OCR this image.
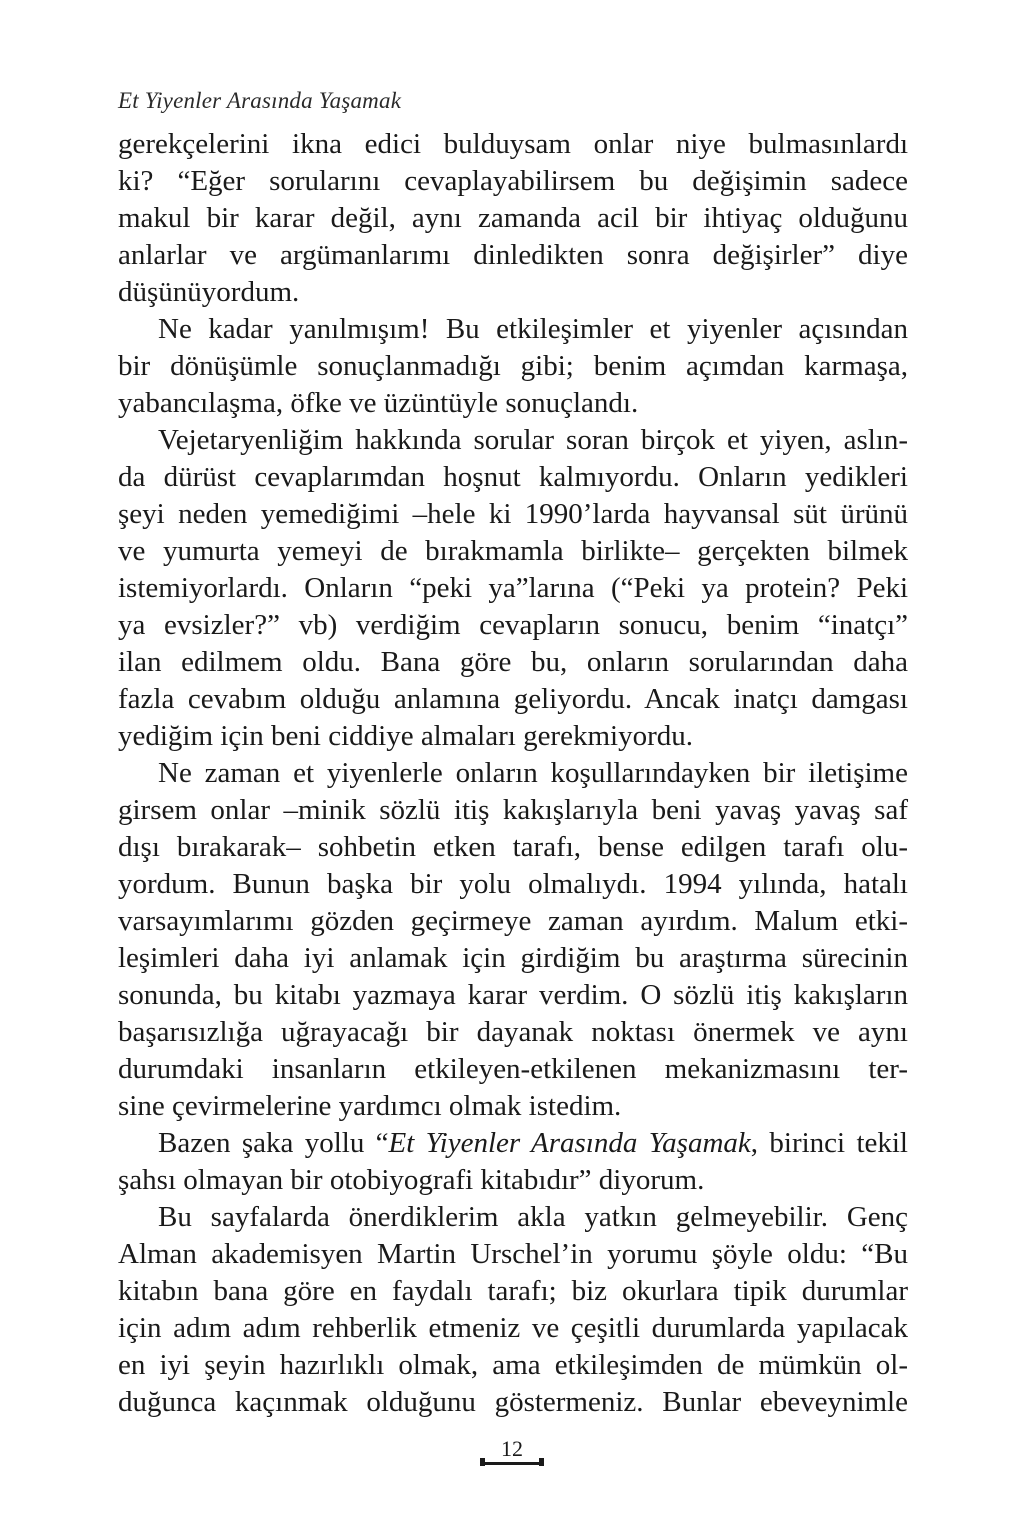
Et Yiyenler Arasında Yaşamak
gerekçelerini ikna edici bulduysam onlar niye bulmasınlardı
ki? “Eğer sorularını cevaplayabilirsem bu değişimin sadece
makul bir karar değil, aynı zamanda acil bir ihtiyaç olduğunu
anlarlar ve argümanlarımı dinledikten sonra değişirler” diye
düşünüyordum.
Ne kadar yanılmışım! Bu etkileşimler et yiyenler açısından
bir dönüşümle sonuçlanmadığı gibi; benim açımdan karmaşa,
yabancılaşma, öfke ve üzüntüyle sonuçlandı.
Vejetaryenliğim hakkında sorular soran birçok et yiyen, aslın-
da dürüst cevaplarımdan hoşnut kalmıyordu. Onların yedikleri
şeyi neden yemediğimi –hele ki 1990’larda hayvansal süt ürünü
ve yumurta yemeyi de bırakmamla birlikte– gerçekten bilmek
istemiyorlardı. Onların “peki ya”larına (“Peki ya protein? Peki
ya evsizler?” vb) verdiğim cevapların sonucu, benim “inatçı”
ilan edilmem oldu. Bana göre bu, onların sorularından daha
fazla cevabım olduğu anlamına geliyordu. Ancak inatçı damgası
yediğim için beni ciddiye almaları gerekmiyordu.
Ne zaman et yiyenlerle onların koşullarındayken bir iletişime
girsem onlar –minik sözlü itiş kakışlarıyla beni yavaş yavaş saf
dışı bırakarak– sohbetin etken tarafı, bense edilgen tarafı olu-
yordum. Bunun başka bir yolu olmalıydı. 1994 yılında, hatalı
varsayımlarımı gözden geçirmeye zaman ayırdım. Malum etki-
leşimleri daha iyi anlamak için girdiğim bu araştırma sürecinin
sonunda, bu kitabı yazmaya karar verdim. O sözlü itiş kakışların
başarısızlığa uğrayacağı bir dayanak noktası önermek ve aynı
durumdaki insanların etkileyen-etkilenen mekanizmasını ter-
sine çevirmelerine yardımcı olmak istedim.
Bazen şaka yollu “Et Yiyenler Arasında Yaşamak, birinci tekil
şahsı olmayan bir otobiyografi kitabıdır” diyorum.
Bu sayfalarda önerdiklerim akla yatkın gelmeyebilir. Genç
Alman akademisyen Martin Urschel’in yorumu şöyle oldu: “Bu
kitabın bana göre en faydalı tarafı; biz okurlara tipik durumlar
için adım adım rehberlik etmeniz ve çeşitli durumlarda yapılacak
en iyi şeyin hazırlıklı olmak, ama etkileşimden de mümkün ol-
duğunca kaçınmak olduğunu göstermeniz. Bunlar ebeveynimle
12
